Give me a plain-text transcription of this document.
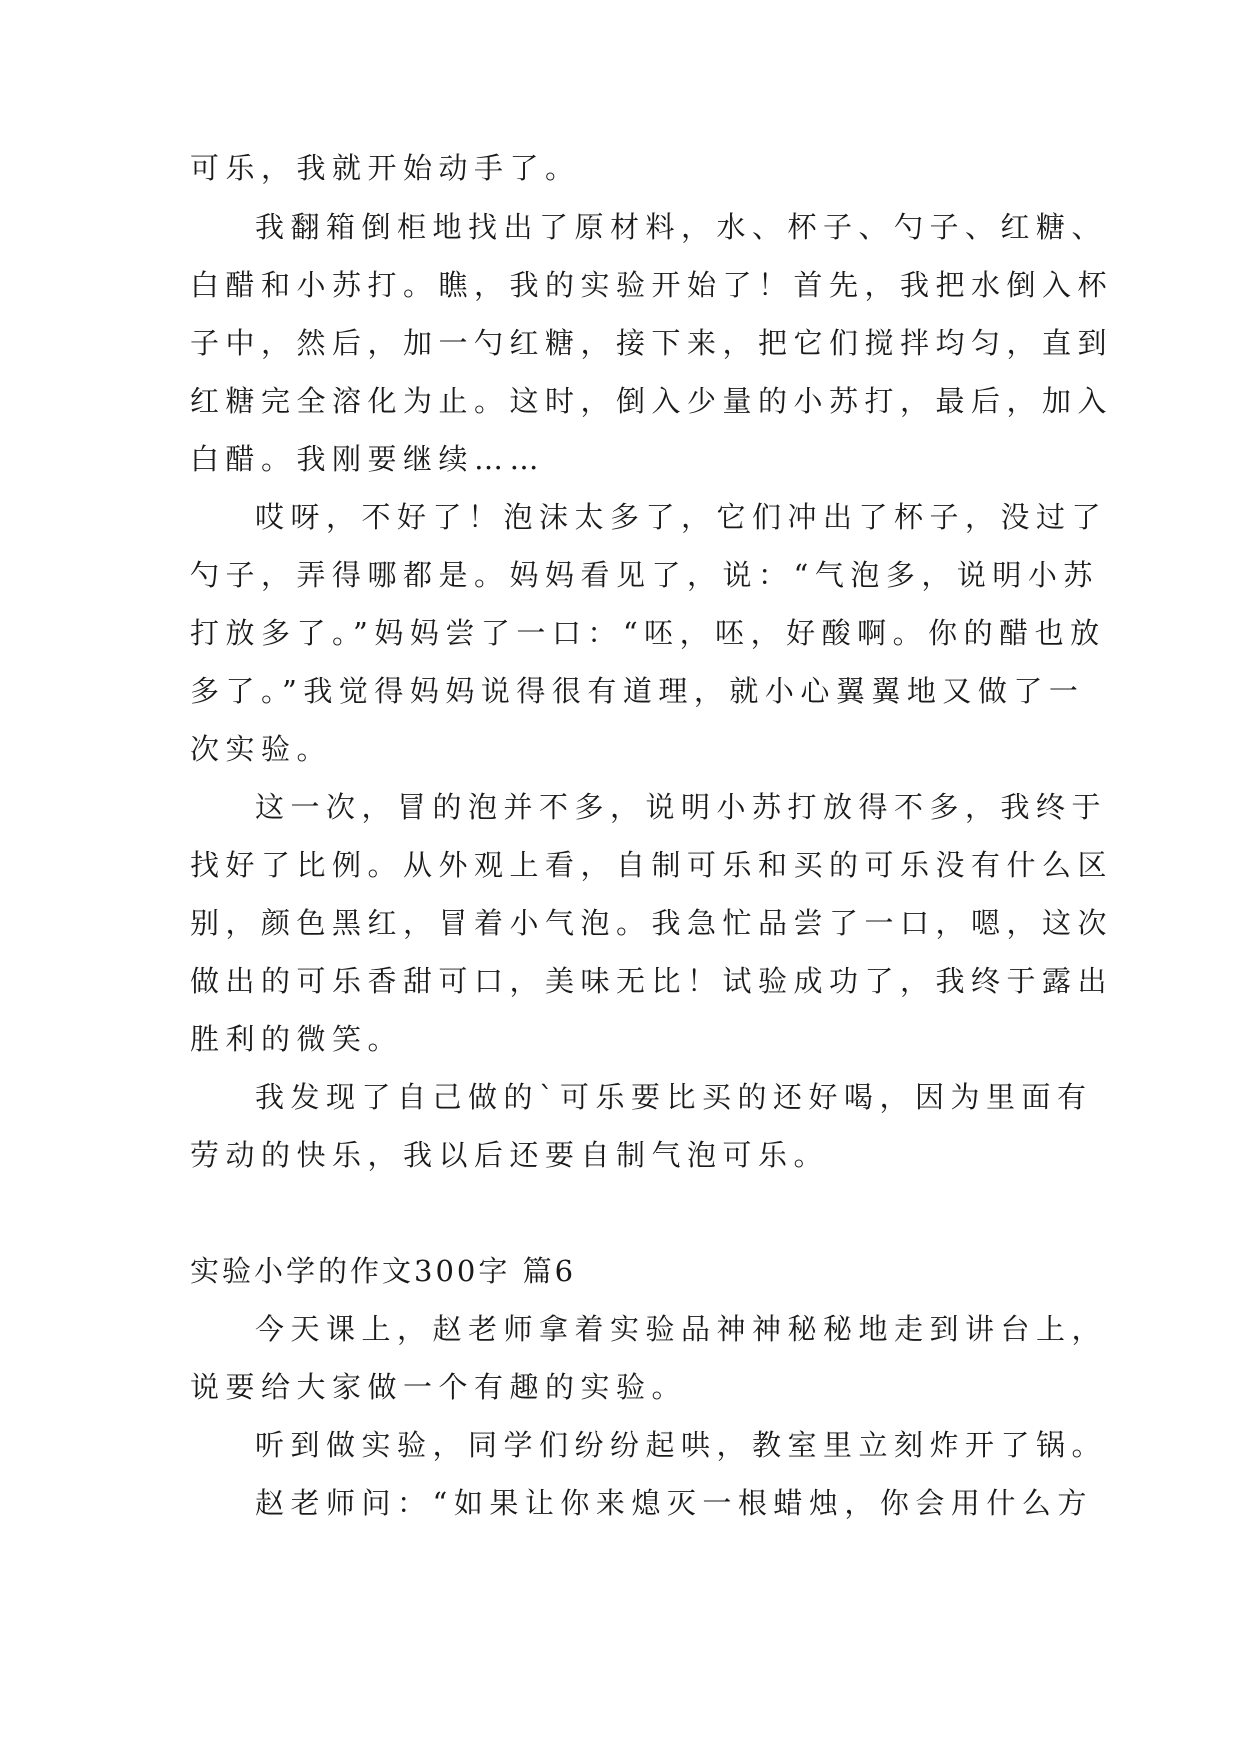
可乐，我就开始动手了。
我翻箱倒柜地找出了原材料，水、杯子、勺子、红糖、
白醋和小苏打。瞧，我的实验开始了！首先，我把水倒入杯
子中，然后，加一勺红糖，接下来，把它们搅拌均匀，直到
红糖完全溶化为止。这时，倒入少量的小苏打，最后，加入
白醋。我刚要继续……
哎呀，不好了！泡沫太多了，它们冲出了杯子，没过了
勺子，弄得哪都是。妈妈看见了，说：“气泡多，说明小苏
打放多了。”妈妈尝了一口：“呸，呸，好酸啊。你的醋也放
多了。”我觉得妈妈说得很有道理，就小心翼翼地又做了一
次实验。
这一次，冒的泡并不多，说明小苏打放得不多，我终于
找好了比例。从外观上看，自制可乐和买的可乐没有什么区
别，颜色黑红，冒着小气泡。我急忙品尝了一口，嗯，这次
做出的可乐香甜可口，美味无比！试验成功了，我终于露出
胜利的微笑。
我发现了自己做的`可乐要比买的还好喝，因为里面有
劳动的快乐，我以后还要自制气泡可乐。
实验小学的作文300字 篇6
今天课上，赵老师拿着实验品神神秘秘地走到讲台上，
说要给大家做一个有趣的实验。
听到做实验，同学们纷纷起哄，教室里立刻炸开了锅。
赵老师问：“如果让你来熄灭一根蜡烛，你会用什么方
